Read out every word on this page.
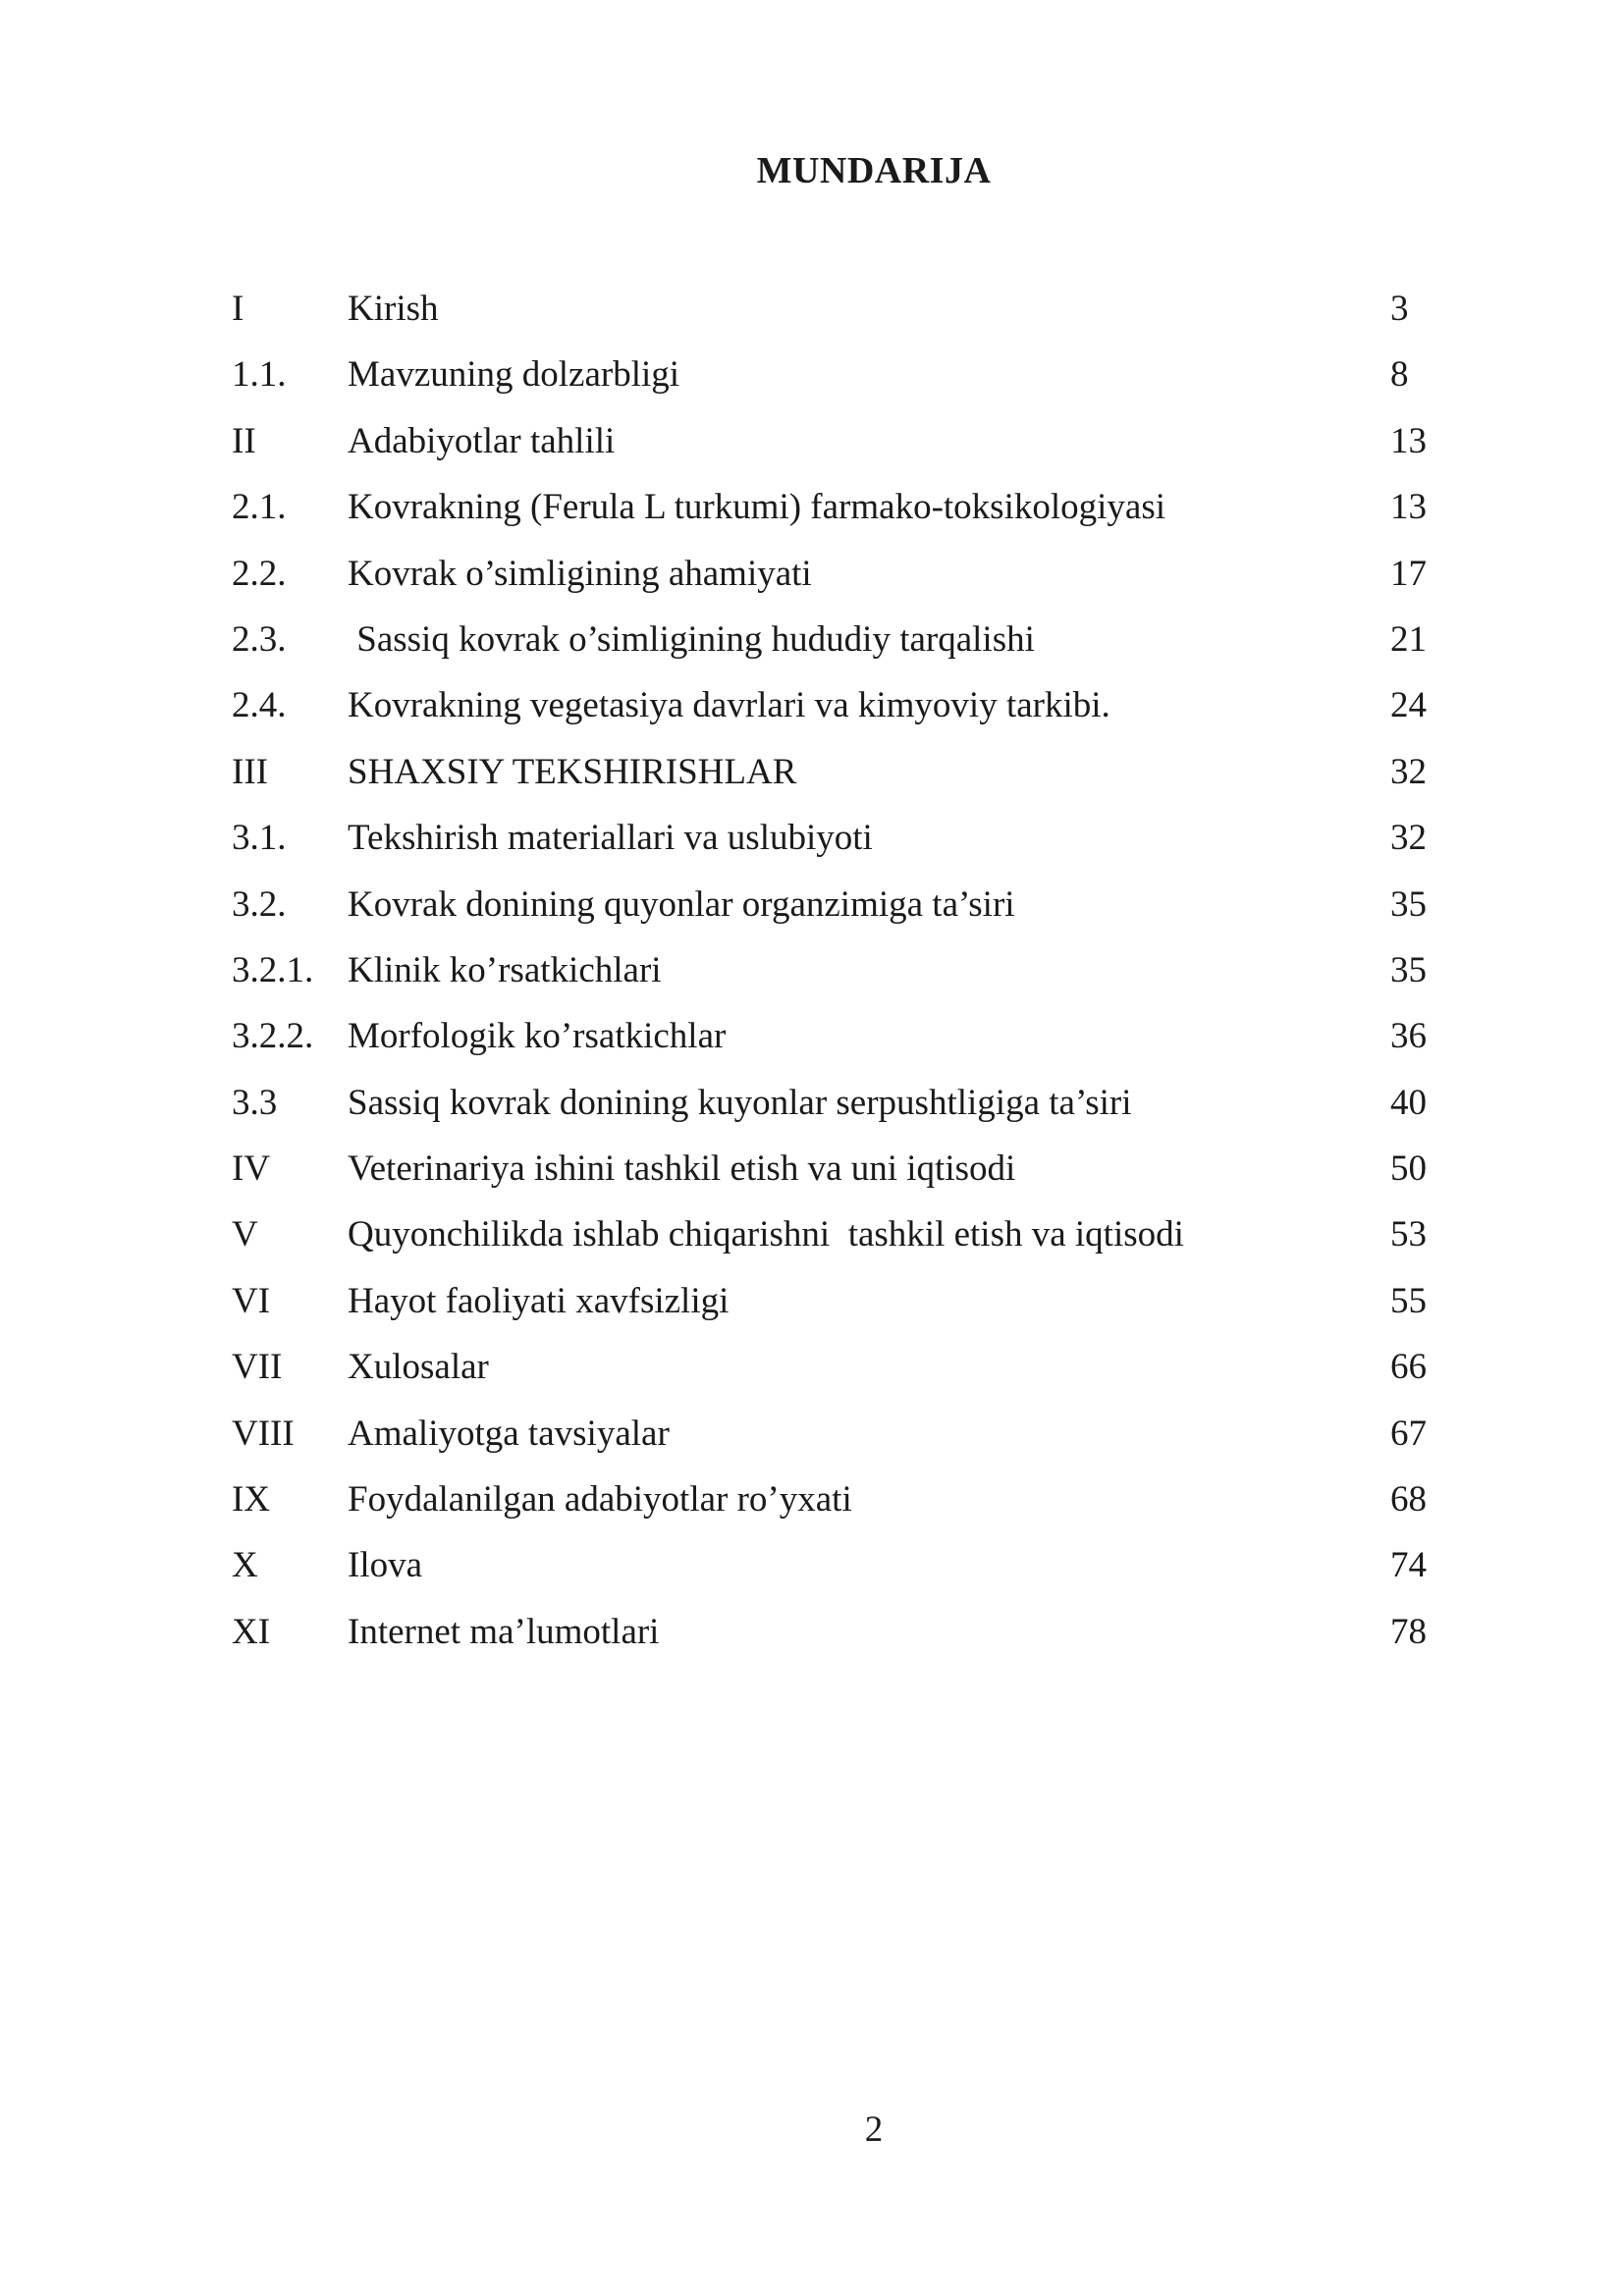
MUNDARIJA
I	Kirish	3
1.1. Mavzuning dolzarbligi	8
II	Adabiyotlar tahlili	13
2.1. Kovrakning (Ferula L turkumi) farmako-toksikologiyasi	13
2.2. Kovrak o’simligining ahamiyati	17
2.3. Sassiq kovrak o’simligining hududiy tarqalishi	21
2.4. Kovrakning vegetasiya davrlari va kimyoviy tarkibi.	24
III SHAXSIY TEKSHIRISHLAR	32
3.1. Tekshirish materiallari va uslubiyoti	32
3.2. Kovrak donining quyonlar organzimiga ta’siri	35
3.2.1. Klinik ko’rsatkichlari	35
3.2.2. Morfologik ko’rsatkichlar	36
3.3 Sassiq kovrak donining kuyonlar serpushtligiga ta’siri	40
IV Veterinariya ishini tashkil etish va uni iqtisodi	50
V Quyonchilikda ishlab chiqarishni  tashkil etish va iqtisodi	53
VI Hayot faoliyati xavfsizligi	55
VII Xulosalar	66
VIII Amaliyotga tavsiyalar	67
IX Foydalanilgan adabiyotlar ro’yxati	68
X Ilova	74
XI Internet ma’lumotlari	78
2
